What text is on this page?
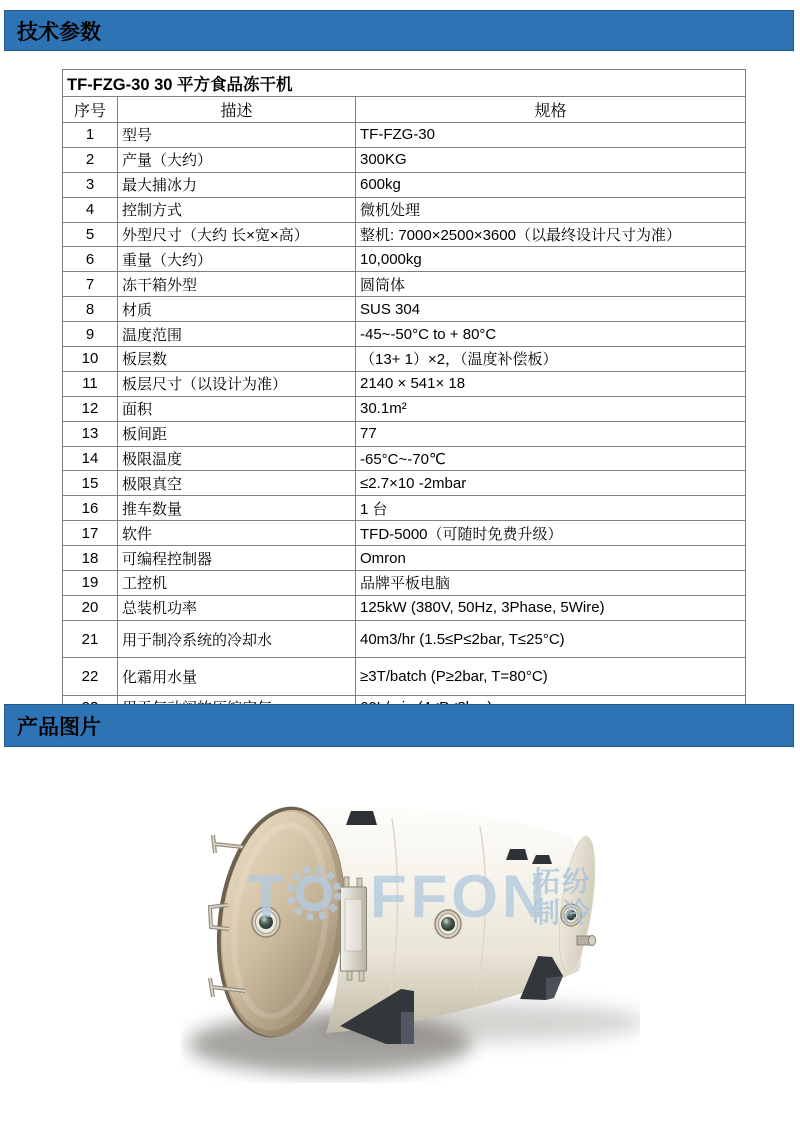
技术参数
TF-FZG-30 30 平方食品冻干机		
序号	描述	规格
1	型号	TF-FZG-30
2	产量（大约）	300KG
3	最大捕冰力	600kg
4	控制方式	微机处理
5	外型尺寸（大约 长×宽×高）	整机: 7000×2500×3600（以最终设计尺寸为准）
6	重量（大约）	10,000kg
7	冻干箱外型	圆筒体
8	材质	SUS 304
9	温度范围	-45~-50°C to + 80°C
10	板层数	（13+ 1）×2，（温度补偿板）
11	板层尺寸（以设计为准）	2140 × 541× 18
12	面积	30.1m²
13	板间距	77
14	极限温度	-65°C~-70℃
15	极限真空	≤2.7×10 -2mbar
16	推车数量	1 台
17	软件	TFD-5000（可随时免费升级）
18	可编程控制器	Omron
19	工控机	品牌平板电脑
20	总装机功率	125kW (380V, 50Hz, 3Phase, 5Wire)
21	用于制冷系统的冷却水	40m3/hr (1.5≤P≤2bar, T≤25°C)
22	化霜用水量	≥3T/batch (P≥2bar, T=80°C)

产品图片
T FFON
拓纷
制冷
